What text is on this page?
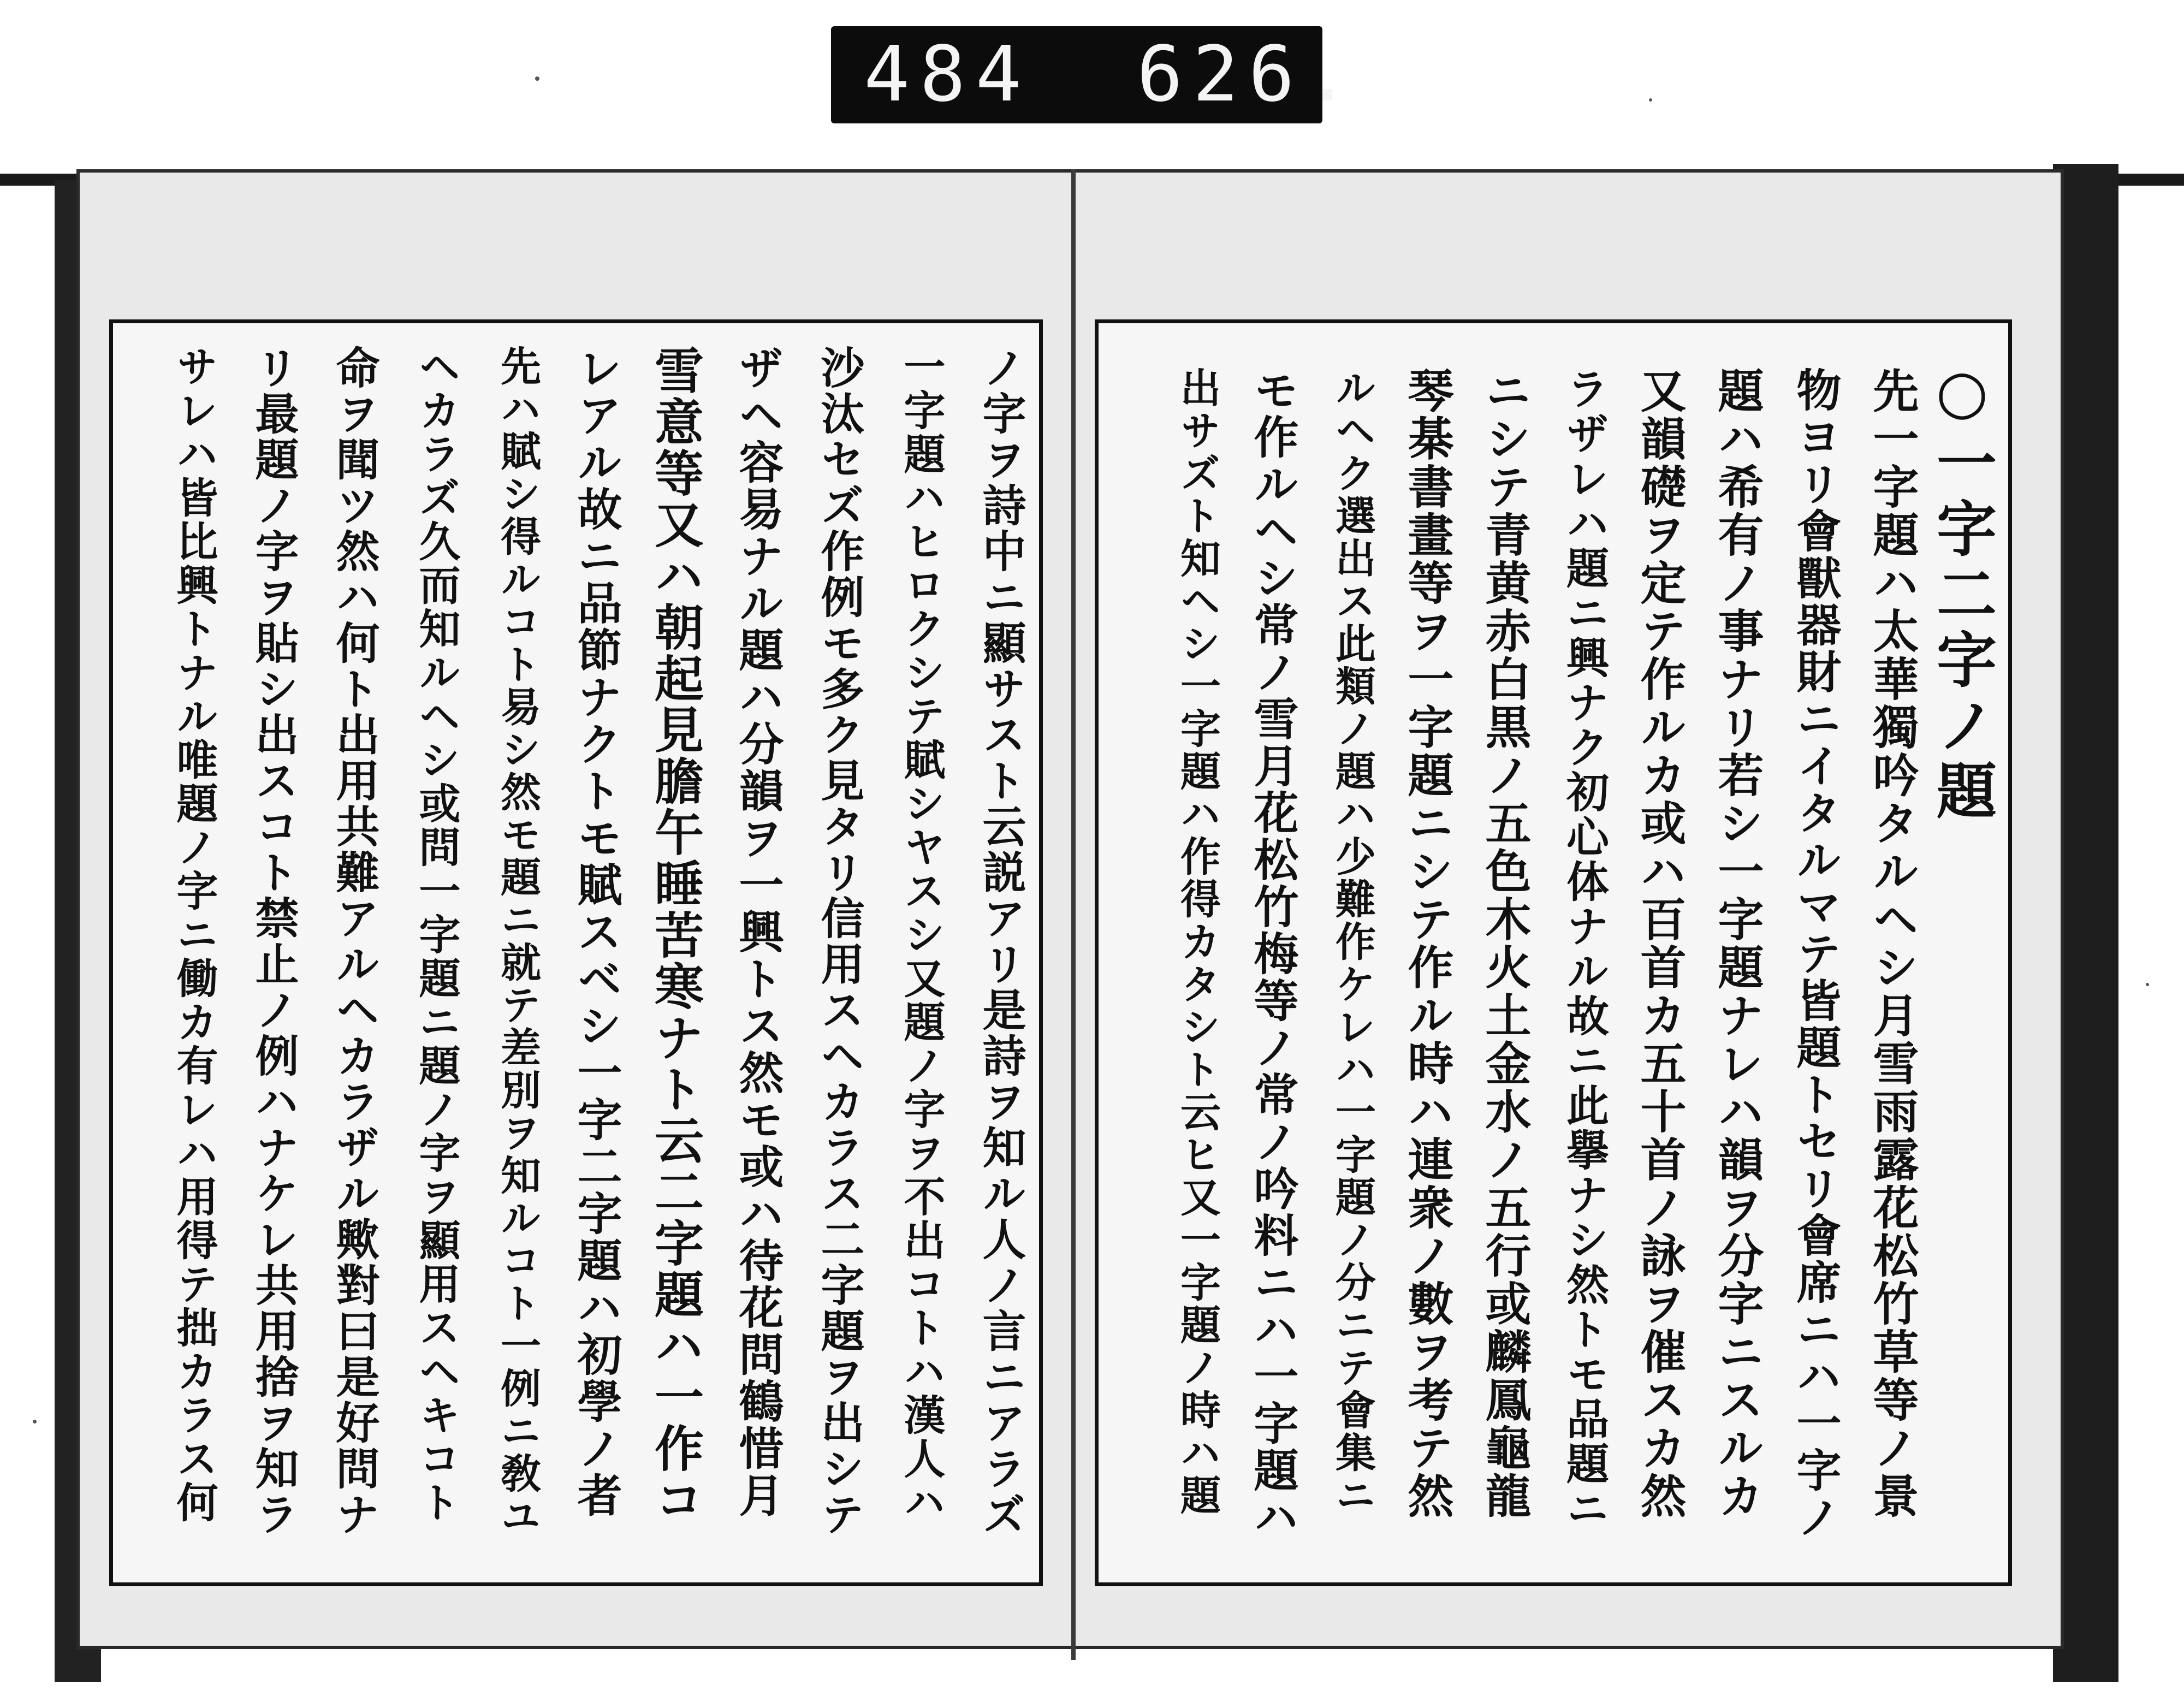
484 626.
○一字二字ノ題
先一字題ハ太華獨吟タルヘシ月雪雨露花松竹草等ノ景
物ヨリ會獸器財ニイタルマテ皆題トセリ會席ニハ一字ノ
題ハ希有ノ事ナリ若シ一字題ナレハ韻ヲ分字ニスルカ
又韻礎ヲ定テ作ルカ或ハ百首カ五十首ノ詠ヲ催スカ然
ラザレハ題ニ興ナク初心体ナル故ニ此擧ナシ然トモ品題ニ
ニシテ青黄赤白黒ノ五色木火土金水ノ五行或麟鳳龜龍
琴棊書畫等ヲ一字題ニシテ作ル時ハ連衆ノ數ヲ考テ然
ルヘク選出ス此類ノ題ハ少難作ケレハ一字題ノ分ニテ會集ニ
モ作ルヘシ常ノ雪月花松竹梅等ノ常ノ吟料ニハ一字題ハ
出サズト知ヘシ一字題ハ作得カタシト云ヒ又一字題ノ時ハ題
ノ字ヲ詩中ニ顯サスト云説アリ是詩ヲ知ル人ノ言ニアラズ
一字題ハヒロクシテ賦シヤスシ又題ノ字ヲ不出コトハ漢人ハ
沙汰セズ作例モ多ク見タリ信用スヘカラス二字題ヲ出シテ
ザヘ容易ナル題ハ分韻ヲ一興トス然モ或ハ待花問鶴惜月
雪意等又ハ朝起見膽午睡苦寒ナト云二字題ハ一作コ
レアル故ニ品節ナクトモ賦スベシ一字二字題ハ初學ノ者
先ハ賦シ得ルコト易シ然モ題ニ就テ差別ヲ知ルコト一例ニ敎ユ
ヘカラズ久而知ルヘシ或問一字題ニ題ノ字ヲ顯用スヘキコト
命ヲ聞ツ然ハ何ト出用共難アルヘカラザル歟對曰是好問ナ
リ最題ノ字ヲ貼シ出スコト禁止ノ例ハナケレ共用捨ヲ知ラ
サレハ皆比興トナル唯題ノ字ニ働カ有レハ用得テ拙カラス何
